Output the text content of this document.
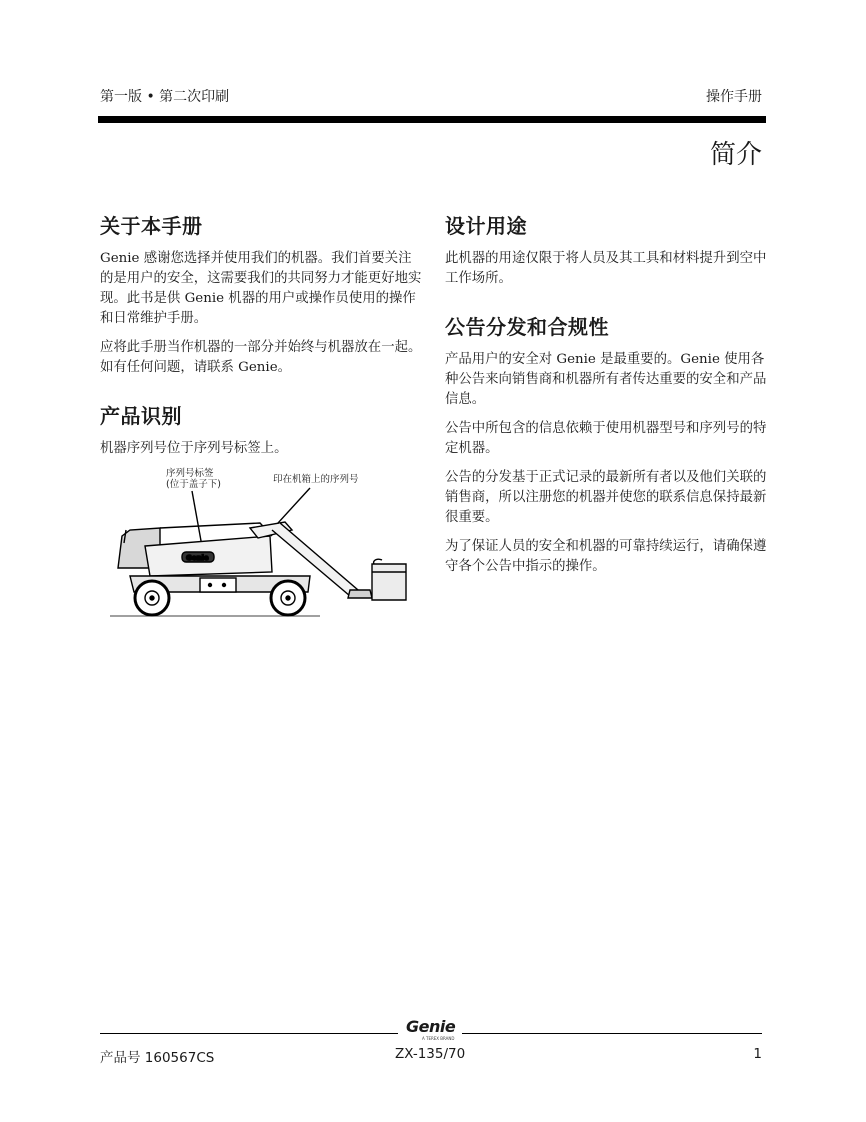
第一版 • 第二次印刷	操作手册
简介
关于本手册

Genie 感谢您选择并使用我们的机器。我们首要关注的是用户的安全，这需要我们的共同努力才能更好地实现。此书是供 Genie 机器的用户或操作员使用的操作和日常维护手册。

应将此手册当作机器的一部分并始终与机器放在一起。如有任何问题，请联系 Genie。

产品识别

机器序列号位于序列号标签上。

序列号标签
(位于盖子下)	印在机箱上的序列号
Genie
设计用途

此机器的用途仅限于将人员及其工具和材料提升到空中工作场所。

公告分发和合规性

产品用户的安全对 Genie 是最重要的。Genie 使用各种公告来向销售商和机器所有者传达重要的安全和产品信息。

公告中所包含的信息依赖于使用机器型号和序列号的特定机器。

公告的分发基于正式记录的最新所有者以及他们关联的销售商，所以注册您的机器并使您的联系信息保持最新很重要。

为了保证人员的安全和机器的可靠持续运行，请确保遵守各个公告中指示的操作。

Genie
A TEREX BRAND
产品号 160567CS	ZX-135/70	1
